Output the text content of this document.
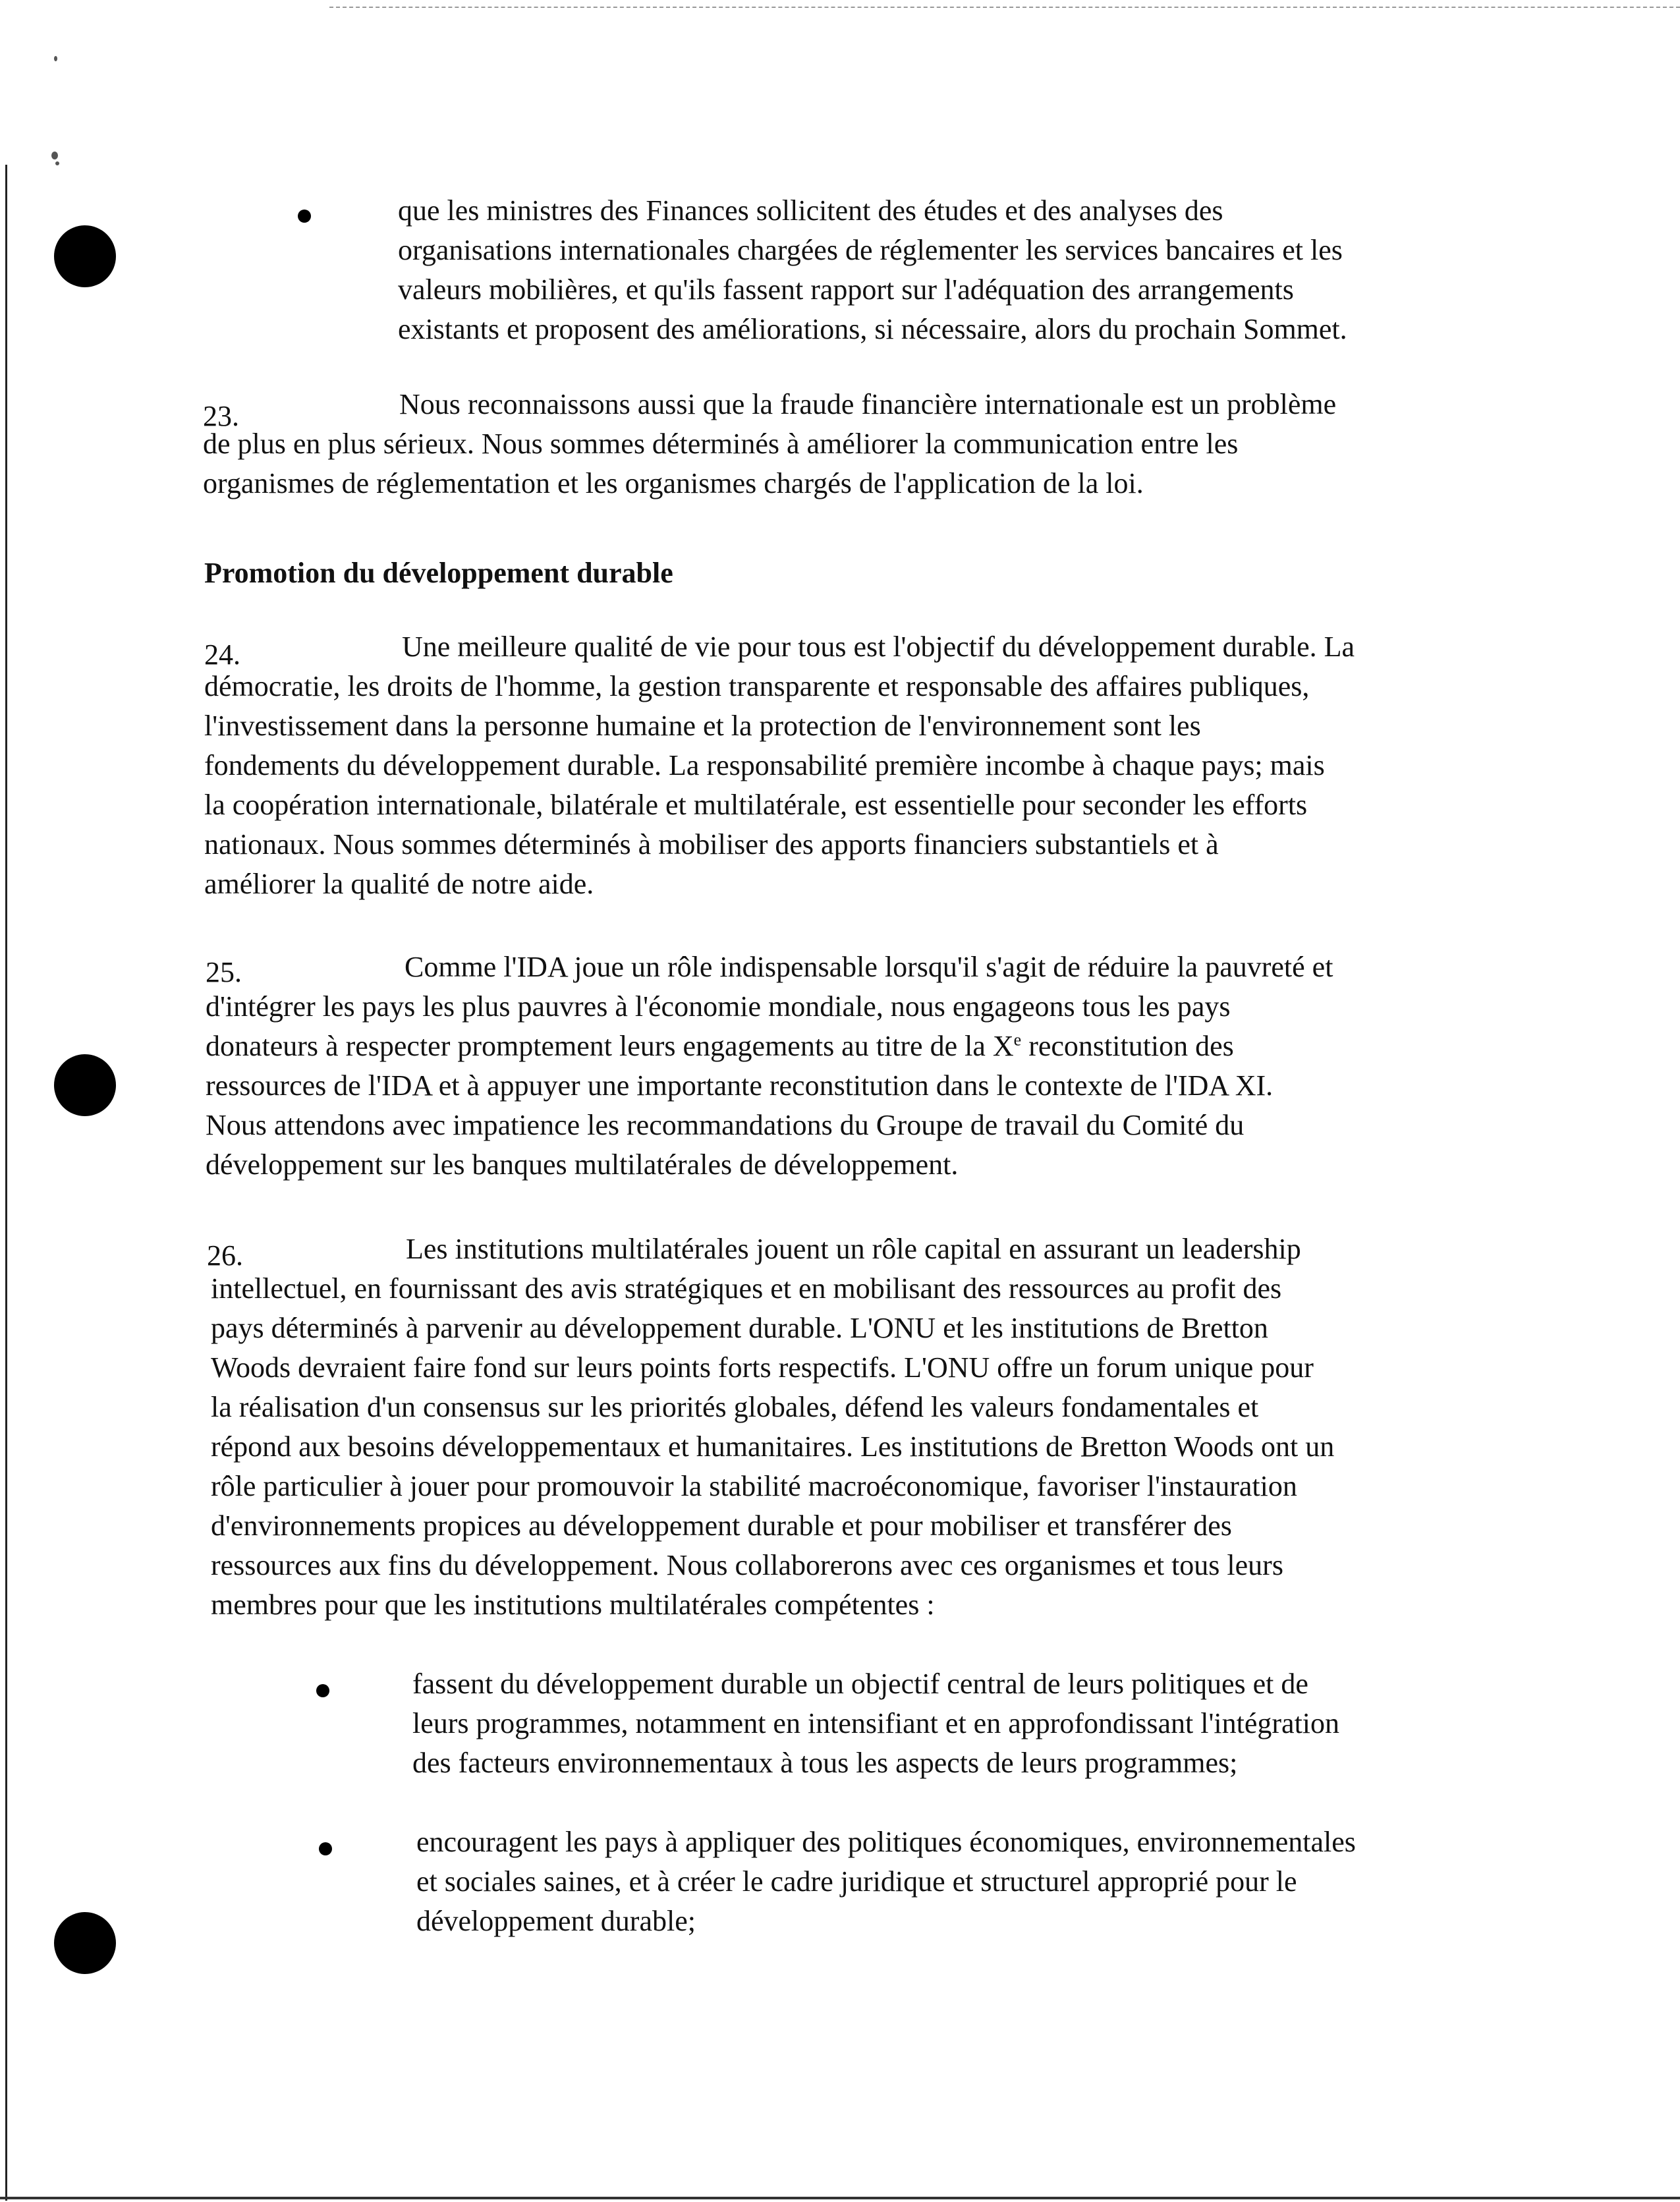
que les ministres des Finances sollicitent des études et des analyses des
organisations internationales chargées de réglementer les services bancaires et les
valeurs mobilières, et qu'ils fassent rapport sur l'adéquation des arrangements
existants et proposent des améliorations, si nécessaire, alors du prochain Sommet.
23.	Nous reconnaissons aussi que la fraude financière internationale est un problème
de plus en plus sérieux. Nous sommes déterminés à améliorer la communication entre les
organismes de réglementation et les organismes chargés de l'application de la loi.
Promotion du développement durable
24.	Une meilleure qualité de vie pour tous est l'objectif du développement durable. La
démocratie, les droits de l'homme, la gestion transparente et responsable des affaires publiques,
l'investissement dans la personne humaine et la protection de l'environnement sont les
fondements du développement durable. La responsabilité première incombe à chaque pays; mais
la coopération internationale, bilatérale et multilatérale, est essentielle pour seconder les efforts
nationaux. Nous sommes déterminés à mobiliser des apports financiers substantiels et à
améliorer la qualité de notre aide.
25.	Comme l'IDA joue un rôle indispensable lorsqu'il s'agit de réduire la pauvreté et
d'intégrer les pays les plus pauvres à l'économie mondiale, nous engageons tous les pays
donateurs à respecter promptement leurs engagements au titre de la Xe reconstitution des
ressources de l'IDA et à appuyer une importante reconstitution dans le contexte de l'IDA XI.
Nous attendons avec impatience les recommandations du Groupe de travail du Comité du
développement sur les banques multilatérales de développement.
26.	Les institutions multilatérales jouent un rôle capital en assurant un leadership
intellectuel, en fournissant des avis stratégiques et en mobilisant des ressources au profit des
pays déterminés à parvenir au développement durable. L'ONU et les institutions de Bretton
Woods devraient faire fond sur leurs points forts respectifs. L'ONU offre un forum unique pour
la réalisation d'un consensus sur les priorités globales, défend les valeurs fondamentales et
répond aux besoins développementaux et humanitaires. Les institutions de Bretton Woods ont un
rôle particulier à jouer pour promouvoir la stabilité macroéconomique, favoriser l'instauration
d'environnements propices au développement durable et pour mobiliser et transférer des
ressources aux fins du développement. Nous collaborerons avec ces organismes et tous leurs
membres pour que les institutions multilatérales compétentes :
fassent du développement durable un objectif central de leurs politiques et de
leurs programmes, notamment en intensifiant et en approfondissant l'intégration
des facteurs environnementaux à tous les aspects de leurs programmes;
encouragent les pays à appliquer des politiques économiques, environnementales
et sociales saines, et à créer le cadre juridique et structurel approprié pour le
développement durable;
